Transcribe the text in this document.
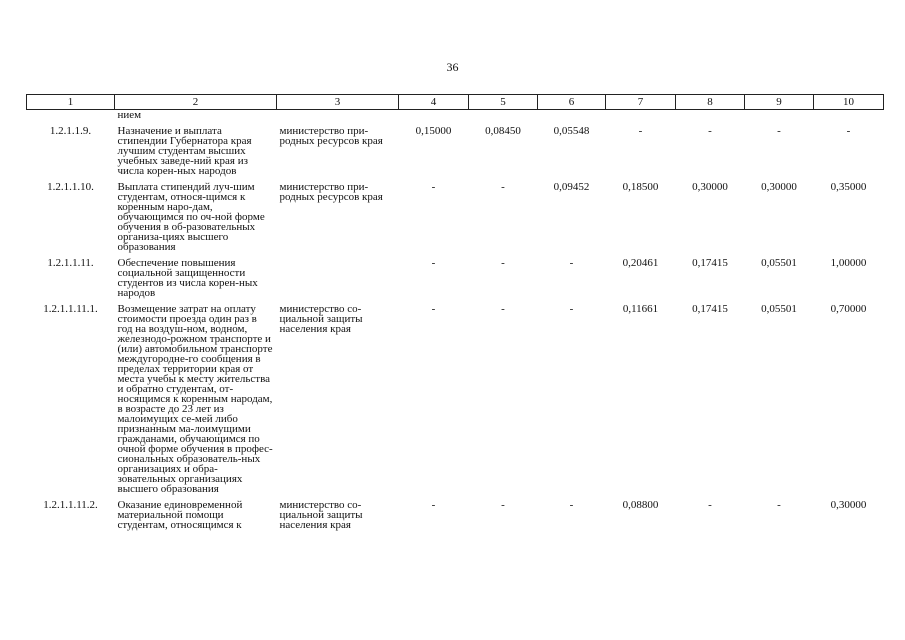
36
1	2	3	4	5	6	7	8	9	10
	нием								
1.2.1.1.9.	Назначение и выплата стипендии Губернатора края лучшим студентам высших учебных заведе-ний края из числа корен-ных народов	министерство при-родных ресурсов края	0,15000	0,08450	0,05548	-	-	-	-
1.2.1.1.10.	Выплата стипендий луч-шим студентам, относя-щимся к коренным наро-дам, обучающимся по оч-ной форме обучения в об-разовательных организа-циях высшего образования	министерство при-родных ресурсов края	-	-	0,09452	0,18500	0,30000	0,30000	0,35000
1.2.1.1.11.	Обеспечение повышения социальной защищенности студентов из числа корен-ных народов		-	-	-	0,20461	0,17415	0,05501	1,00000
1.2.1.1.11.1.	Возмещение затрат на оплату стоимости проезда один раз в год на воздуш-ном, водном, железнодо-рожном транспорте и (или) автомобильном транспорте междугородне-го сообщения в пределах территории края от места учебы к месту жительства и обратно студентам, от-носящимся к коренным народам, в возрасте до 23 лет из малоимущих се-мей либо признанным ма-лоимущими гражданами, обучающимся по очной форме обучения в профес-сиональных образователь-ных организациях и обра-зовательных организациях высшего образования	министерство со-циальной защиты населения края	-	-	-	0,11661	0,17415	0,05501	0,70000
1.2.1.1.11.2.	Оказание единовременной материальной помощи студентам, относящимся к	министерство со-циальной защиты населения края	-	-	-	0,08800	-	-	0,30000
